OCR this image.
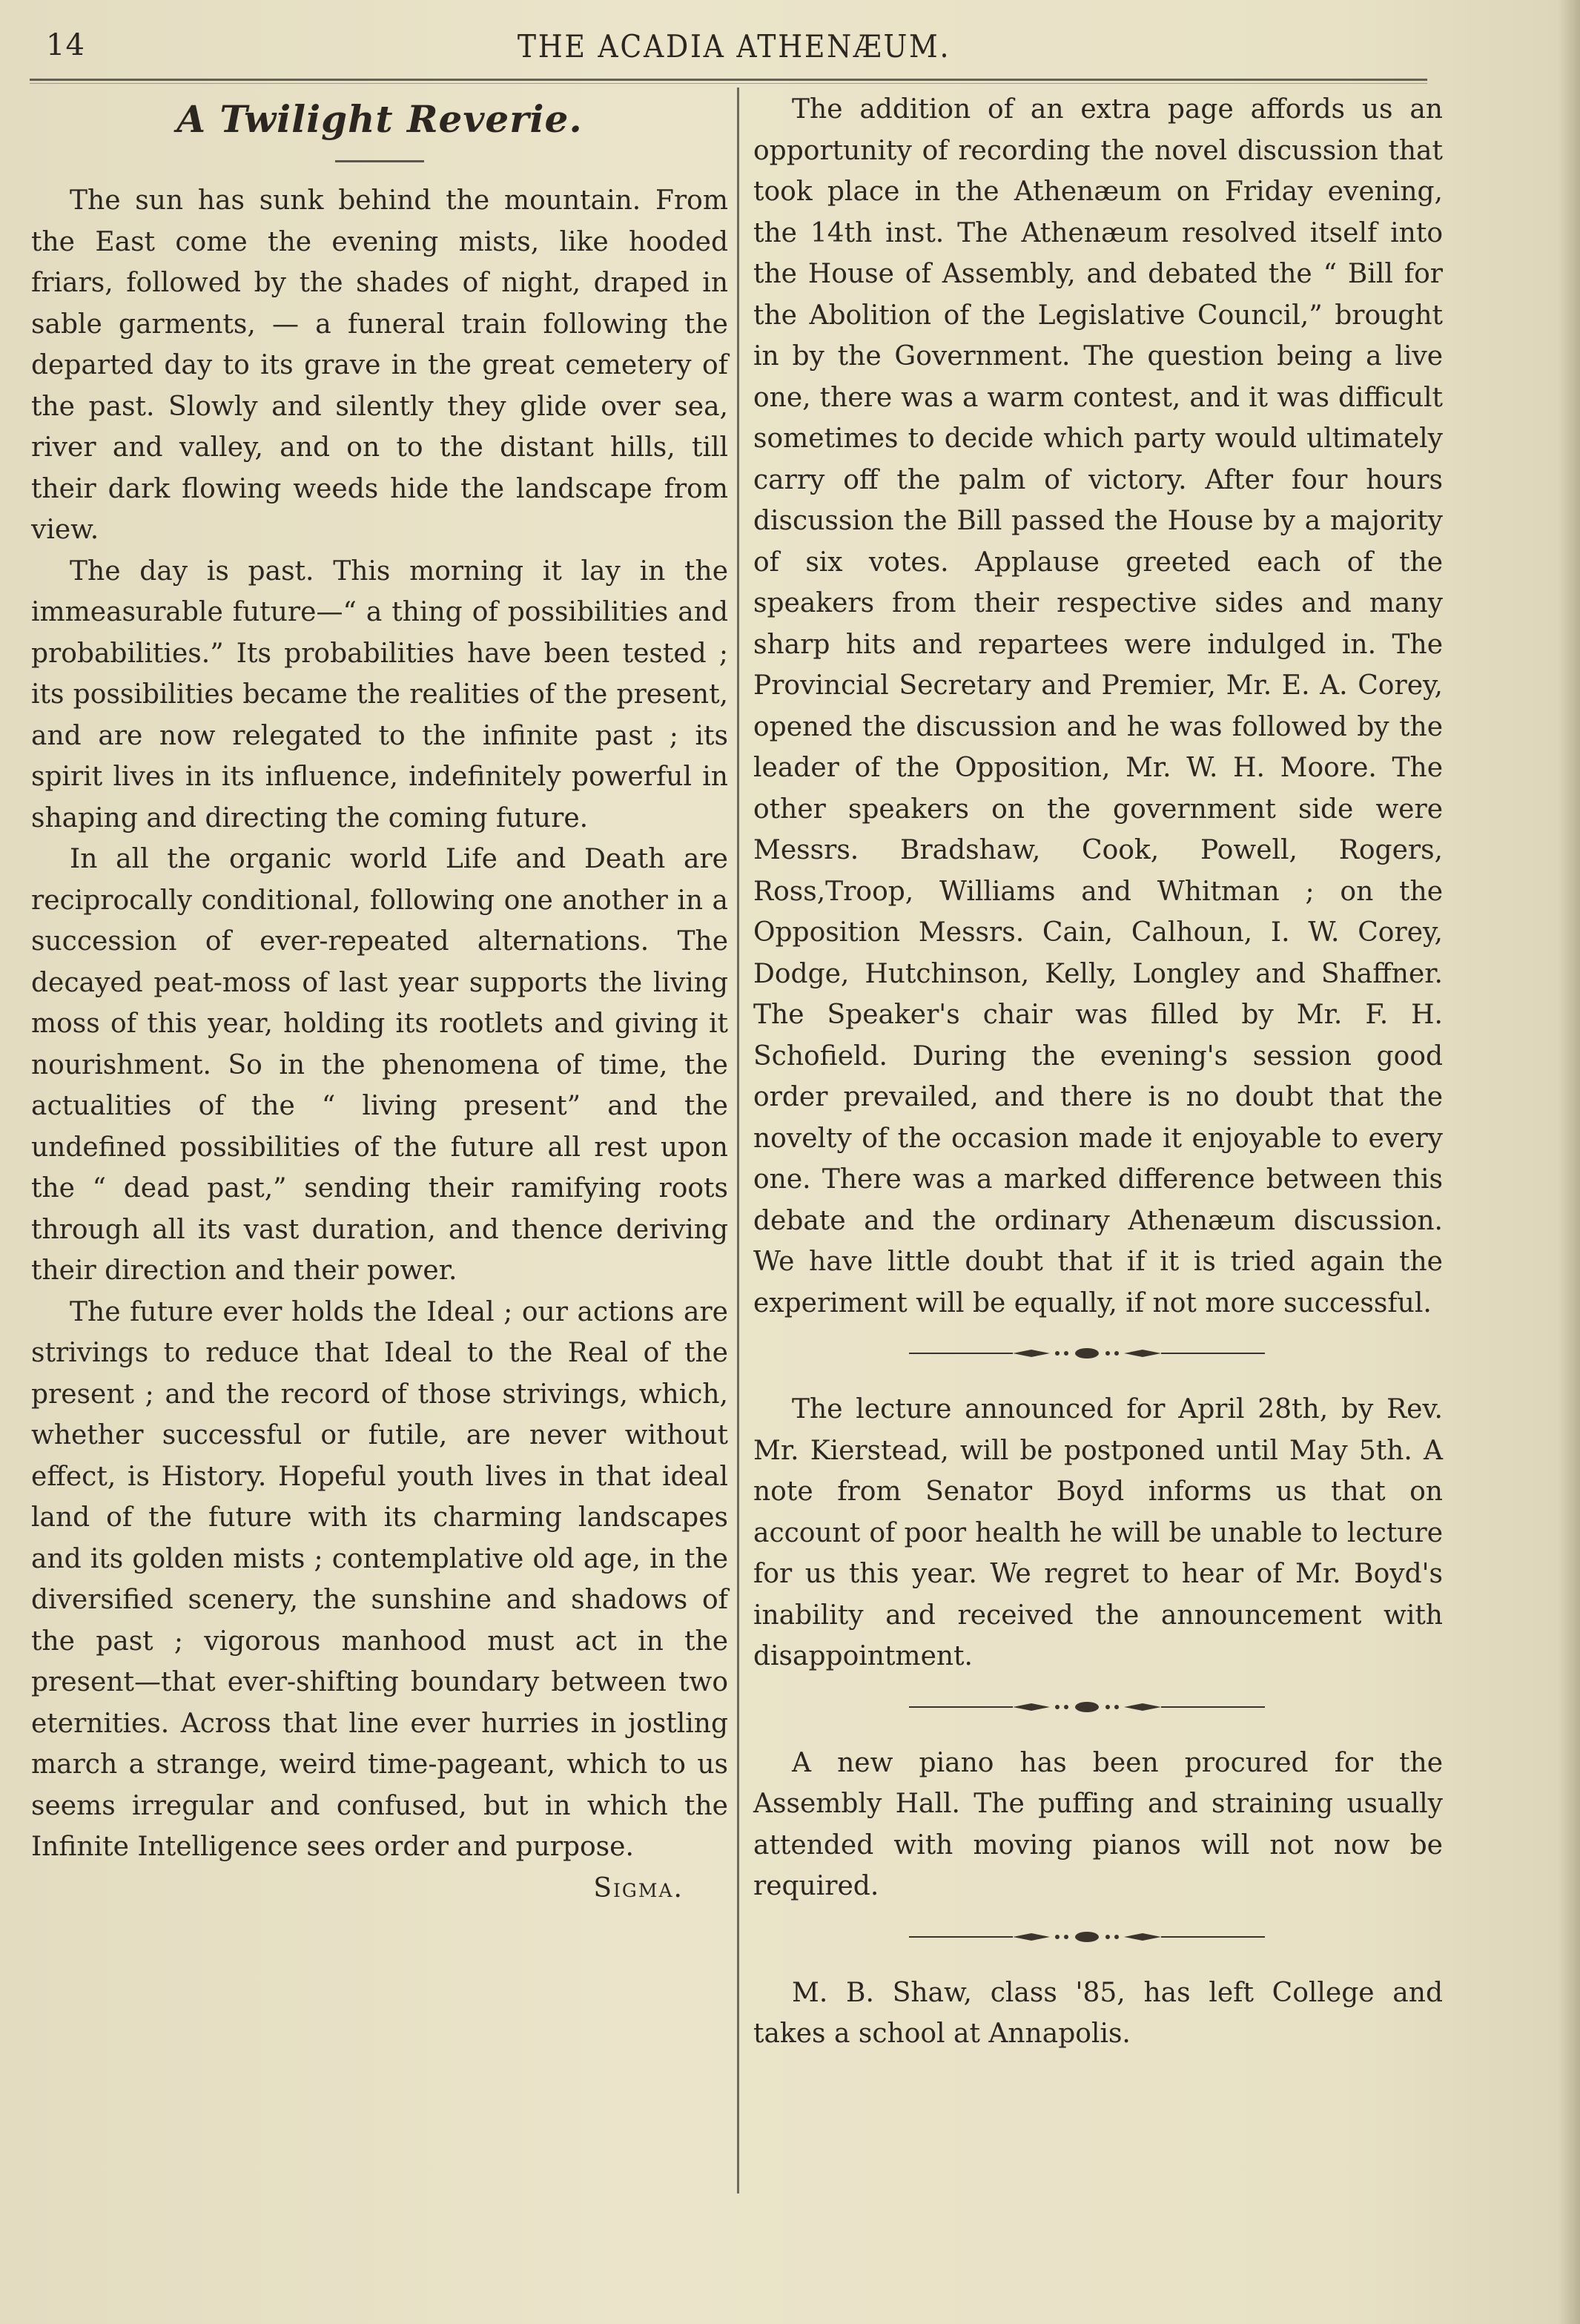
14	THE ACADIA ATHENÆUM.
A Twilight Reverie.

The sun has sunk behind the mountain. From the East come the evening mists, like hooded friars, followed by the shades of night, draped in sable garments, — a funeral train following the departed day to its grave in the great cemetery of the past. Slowly and silently they glide over sea, river and valley, and on to the distant hills, till their dark flowing weeds hide the landscape from view.

The day is past. This morning it lay in the immeasurable future—“ a thing of possibilities and probabilities.” Its probabilities have been tested ; its possibilities became the realities of the present, and are now relegated to the infinite past ; its spirit lives in its influence, indefinitely powerful in shaping and directing the coming future.

In all the organic world Life and Death are reciprocally conditional, following one another in a succession of ever-repeated alternations. The decayed peat-moss of last year supports the living moss of this year, holding its rootlets and giving it nourishment. So in the phenomena of time, the actualities of the “ living present” and the undefined possibilities of the future all rest upon the “ dead past,” sending their ramifying roots through all its vast duration, and thence deriving their direction and their power.

The future ever holds the Ideal ; our actions are strivings to reduce that Ideal to the Real of the present ; and the record of those strivings, which, whether successful or futile, are never without effect, is History. Hopeful youth lives in that ideal land of the future with its charming landscapes and its golden mists ; contemplative old age, in the diversified scenery, the sunshine and shadows of the past ; vigorous manhood must act in the present—that ever-shifting boundary between two eternities. Across that line ever hurries in jostling march a strange, weird time-pageant, which to us seems irregular and confused, but in which the Infinite Intelligence sees order and purpose.

Sigma.

The addition of an extra page affords us an opportunity of recording the novel discussion that took place in the Athenæum on Friday evening, the 14th inst. The Athenæum resolved itself into the House of Assembly, and debated the “ Bill for the Abolition of the Legislative Council,” brought in by the Government. The question being a live one, there was a warm contest, and it was difficult sometimes to decide which party would ultimately carry off the palm of victory. After four hours discussion the Bill passed the House by a majority of six votes. Applause greeted each of the speakers from their respective sides and many sharp hits and repartees were indulged in. The Provincial Secretary and Premier, Mr. E. A. Corey, opened the discussion and he was followed by the leader of the Opposition, Mr. W. H. Moore. The other speakers on the government side were Messrs. Bradshaw, Cook, Powell, Rogers, Ross,Troop, Williams and Whitman ; on the Opposition Messrs. Cain, Calhoun, I. W. Corey, Dodge, Hutchinson, Kelly, Longley and Shaffner. The Speaker's chair was filled by Mr. F. H. Schofield. During the evening's session good order prevailed, and there is no doubt that the novelty of the occasion made it enjoyable to every one. There was a marked difference between this debate and the ordinary Athenæum discussion. We have little doubt that if it is tried again the experiment will be equally, if not more successful.

The lecture announced for April 28th, by Rev. Mr. Kierstead, will be postponed until May 5th. A note from Senator Boyd informs us that on account of poor health he will be unable to lecture for us this year. We regret to hear of Mr. Boyd's inability and received the announcement with disappointment.

A new piano has been procured for the Assembly Hall. The puffing and straining usually attended with moving pianos will not now be required.

M. B. Shaw, class '85, has left College and takes a school at Annapolis.
